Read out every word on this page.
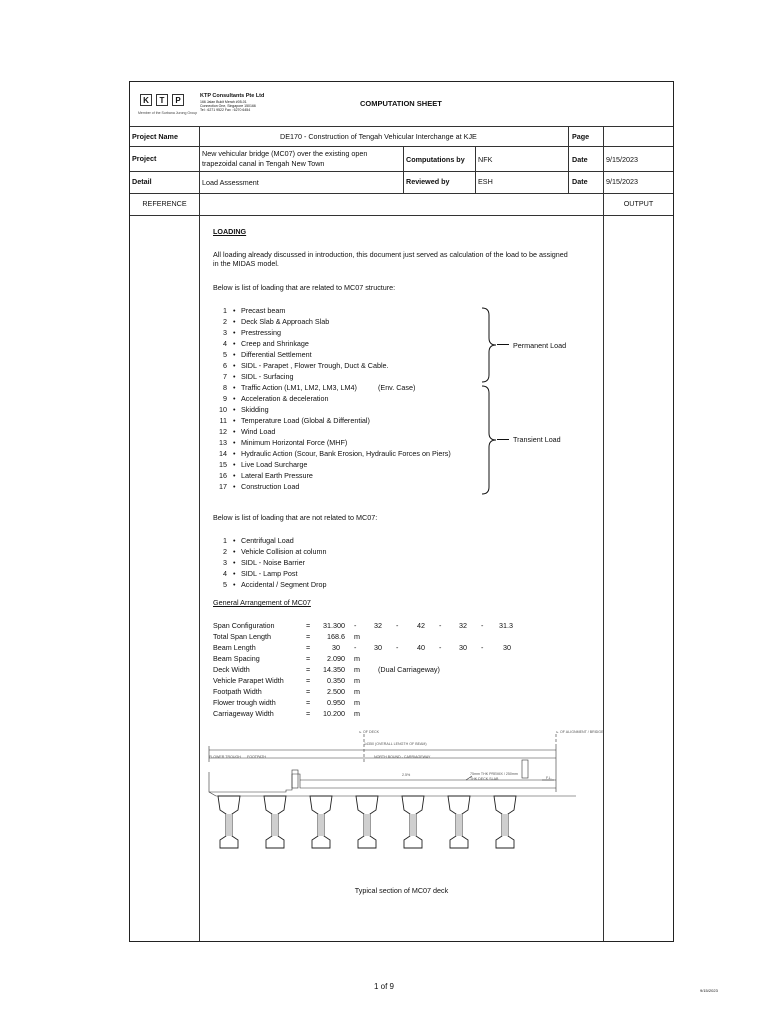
K	T	P
Member of the Surbana Jurong Group
KTP Consultants Pte Ltd
166 Jalan Bukit Merah #05-01
Connection One, Singapore 150166
Tel : 6271 9522 Fax : 6270 6454
COMPUTATION SHEET
Project Name	DE170 - Construction of Tengah Vehicular Interchange at KJE	Page
Project
New vehicular bridge (MC07) over the existing open
trapezoidal canal in Tengah New Town	Computations by NFK	Date	9/15/2023
Detail	Load Assessment	Reviewed by	ESH	Date	9/15/2023
REFERENCE	OUTPUT
LOADING
All loading already discussed in introduction, this document just served as calculation of the load to be assigned
in the MIDAS model.
Below is list of loading that are related to MC07 structure:
1 • Precast beam
2 • Deck Slab & Approach Slab
3 • Prestressing
4 • Creep and Shrinkage
5 • Differential Settlement
6 • SIDL - Parapet , Flower Trough, Duct & Cable.
7 • SIDL - Surfacing
8 • Traffic Action (LM1, LM2, LM3, LM4)	(Env. Case)
9 • Acceleration & deceleration
10 • Skidding
11 • Temperature Load (Global & Differential)
12 • Wind Load
13 • Minimum Horizontal Force (MHF)
14 • Hydraulic Action (Scour, Bank Erosion, Hydraulic Forces on Piers)
15 • Live Load Surcharge
16 • Lateral Earth Pressure
17 • Construction Load
Permanent Load
Transient Load
Below is list of loading that are not related to MC07:
1 • Centrifugal Load
2 • Vehicle Collision at column
3 • SIDL - Noise Barrier
4 • SIDL - Lamp Post
5 • Accidental / Segment Drop
General Arrangement of MC07
Span Configuration	= 31.300 - 32 -	42 - 32 - 31.3
Total Span Length	= 168.6 m
Beam Length	=	30 - 30 -	40 - 30 -	30
Beam Spacing	= 2.090 m
Deck Width	= 14.350 m	(Dual Carriageway)
Vehicle Parapet Width	= 0.350 m
Footpath Width	= 2.500 m
Flower trough width	= 0.950 m
Carriageway Width	= 10.200 m
⊾ OF DECK	⊾ OF ALIGNMENT / BRIDGE
14350 (OVERALL LENGTH OF BEAM)
FLOWER TROUGH FOOTPATH	NORTH BOUND - CARRIAGEWAY
2.5%	75mm THK PREMIX / 250mm THK DECK SLAB	F.L.
Typical section of MC07 deck
1 of 9	9/15/2023
